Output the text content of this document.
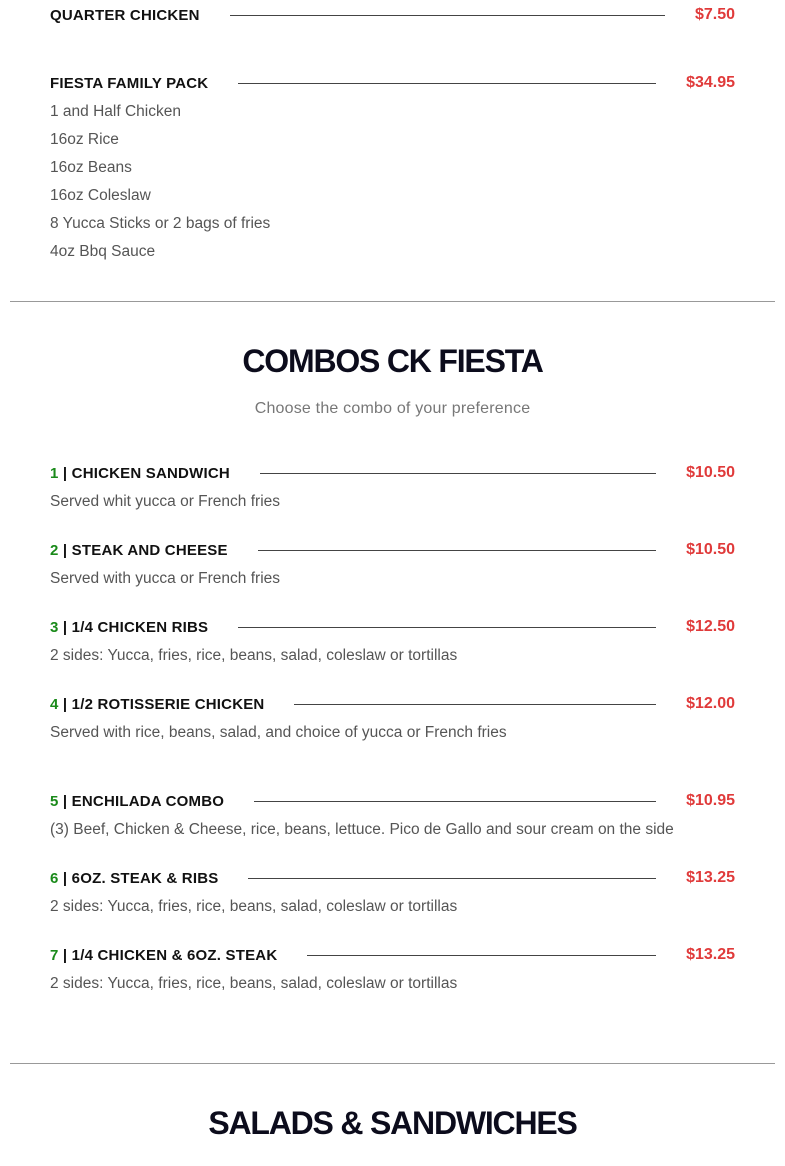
QUARTER CHICKEN	$7.50
FIESTA FAMILY PACK	$34.95
1 and Half Chicken
16oz Rice
16oz Beans
16oz Coleslaw
8 Yucca Sticks or 2 bags of fries
4oz Bbq Sauce
COMBOS CK FIESTA
Choose the combo of your preference
1 | CHICKEN SANDWICH	$10.50
Served whit yucca or French fries
2 | STEAK AND CHEESE	$10.50
Served with yucca or French fries
3 | 1/4 CHICKEN RIBS	$12.50
2 sides: Yucca, fries, rice, beans, salad, coleslaw or tortillas
4 | 1/2 ROTISSERIE CHICKEN	$12.00
Served with rice, beans, salad, and choice of yucca or French fries
5 | ENCHILADA COMBO	$10.95
(3) Beef, Chicken & Cheese, rice, beans, lettuce. Pico de Gallo and sour cream on the side
6 | 6OZ. STEAK & RIBS	$13.25
2 sides: Yucca, fries, rice, beans, salad, coleslaw or tortillas
7 | 1/4 CHICKEN & 6OZ. STEAK	$13.25
2 sides: Yucca, fries, rice, beans, salad, coleslaw or tortillas
SALADS & SANDWICHES
